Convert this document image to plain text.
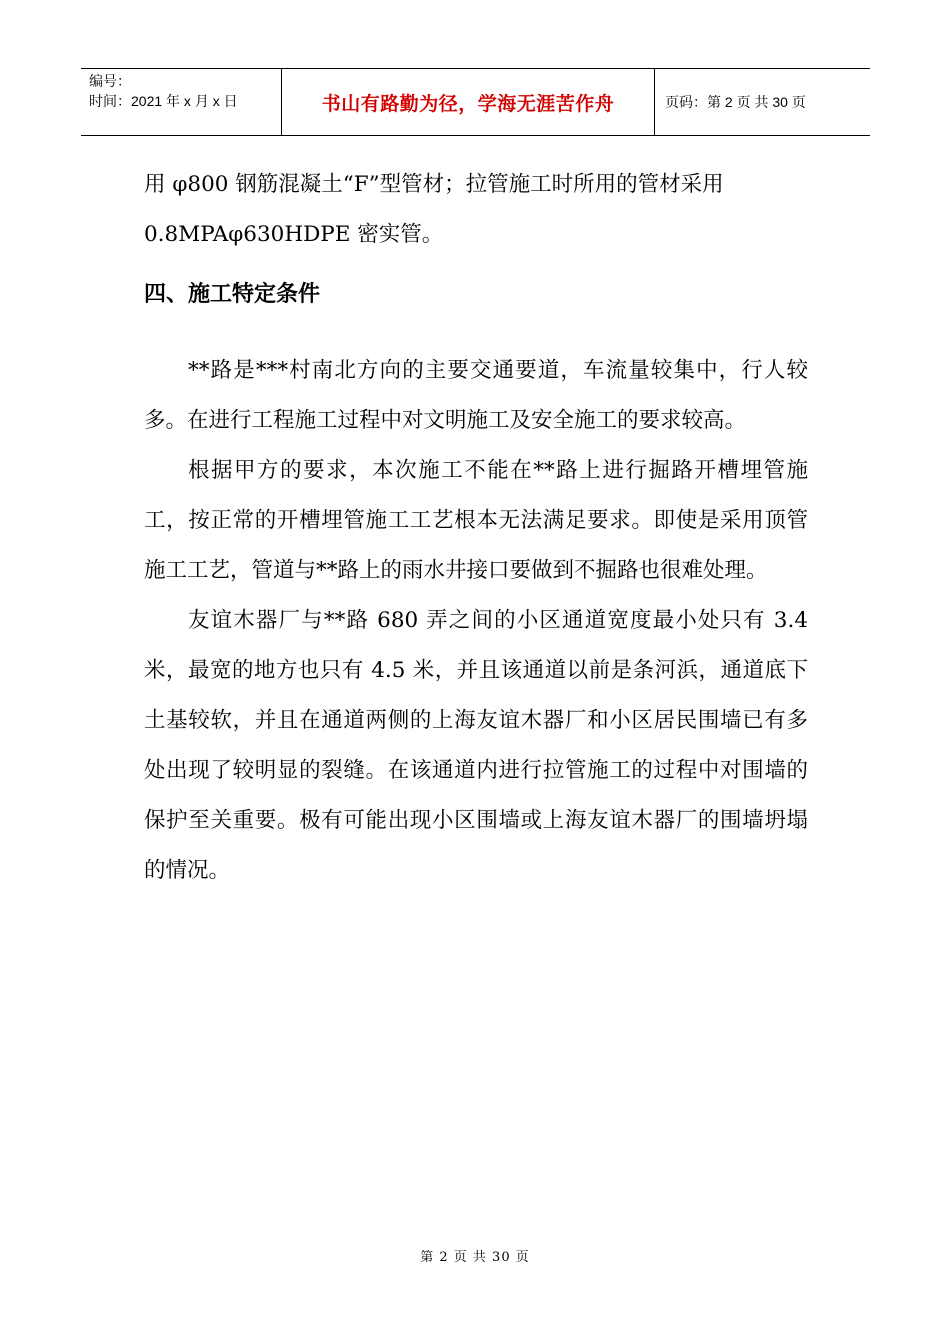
编号：
时间：2021 年 x 月 x 日	书山有路勤为径，学海无涯苦作舟	页码：第 2 页 共 30 页

用 φ800 钢筋混凝土“F”型管材；拉管施工时所用的管材采用

0.8MPAφ630HDPE 密实管。

四、施工特定条件

**路是***村南北方向的主要交通要道，车流量较集中，行人较多。在进行工程施工过程中对文明施工及安全施工的要求较高。

根据甲方的要求，本次施工不能在**路上进行掘路开槽埋管施工，按正常的开槽埋管施工工艺根本无法满足要求。即使是采用顶管施工工艺，管道与**路上的雨水井接口要做到不掘路也很难处理。

友谊木器厂与**路 680 弄之间的小区通道宽度最小处只有 3.4 米，最宽的地方也只有 4.5 米，并且该通道以前是条河浜，通道底下土基较软，并且在通道两侧的上海友谊木器厂和小区居民围墙已有多处出现了较明显的裂缝。在该通道内进行拉管施工的过程中对围墙的保护至关重要。极有可能出现小区围墙或上海友谊木器厂的围墙坍塌的情况。

第 2 页 共 30 页
